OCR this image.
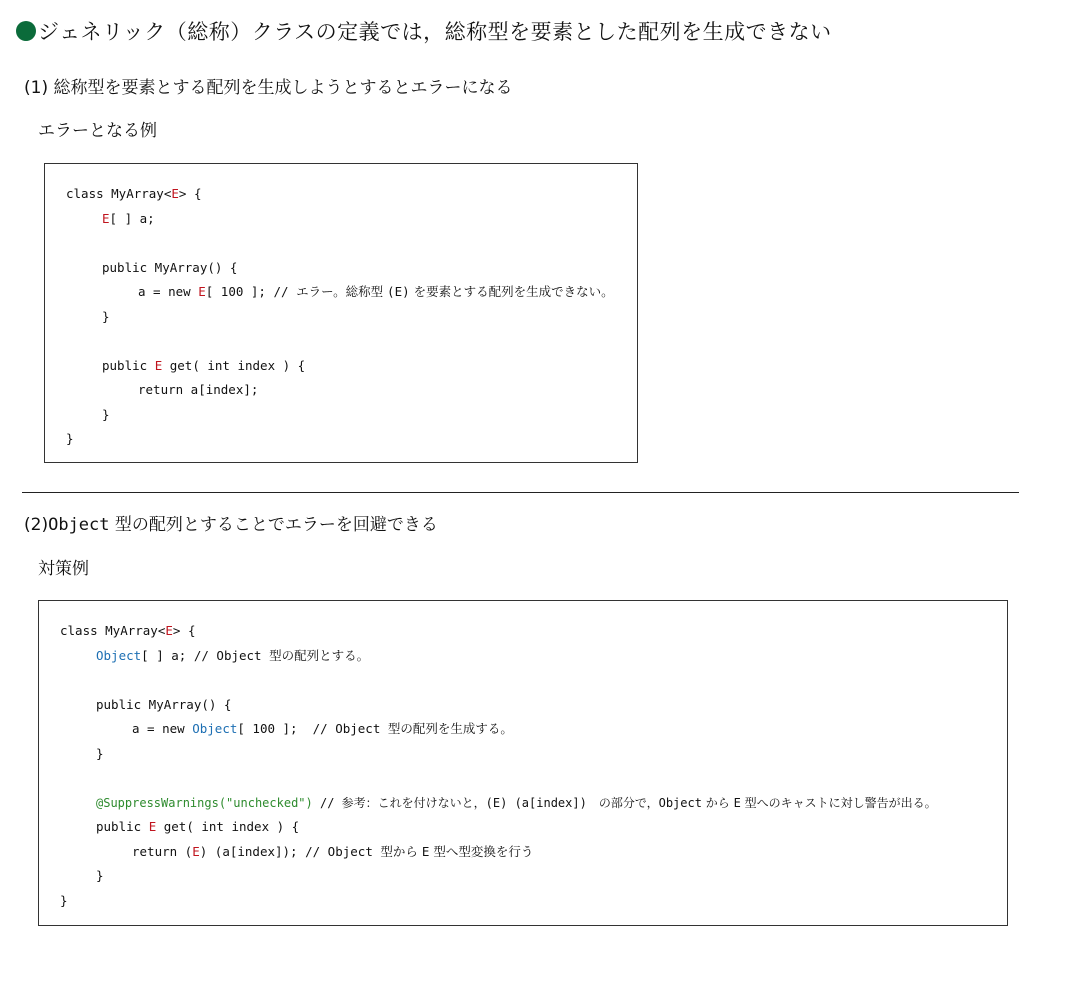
ジェネリック（総称）クラスの定義では，総称型を要素とした配列を生成できない
(1) 総称型を要素とする配列を生成しようとするとエラーになる
エラーとなる例
class MyArray<E> {
E[ ] a;
public MyArray() {
a = new E[ 100 ]; // エラー。総称型 (E) を要素とする配列を生成できない。
}
public E get( int index ) {
return a[index];
}
}
(2)Object 型の配列とすることでエラーを回避できる
対策例
class MyArray<E> {
Object[ ] a; // Object 型の配列とする。
public MyArray() {
a = new Object[ 100 ];  // Object 型の配列を生成する。
}
@SuppressWarnings("unchecked") // 参考：これを付けないと，(E) (a[index])　の部分で，Object から E 型へのキャストに対し警告が出る。
public E get( int index ) {
return (E) (a[index]); // Object 型から E 型へ型変換を行う
}
}
